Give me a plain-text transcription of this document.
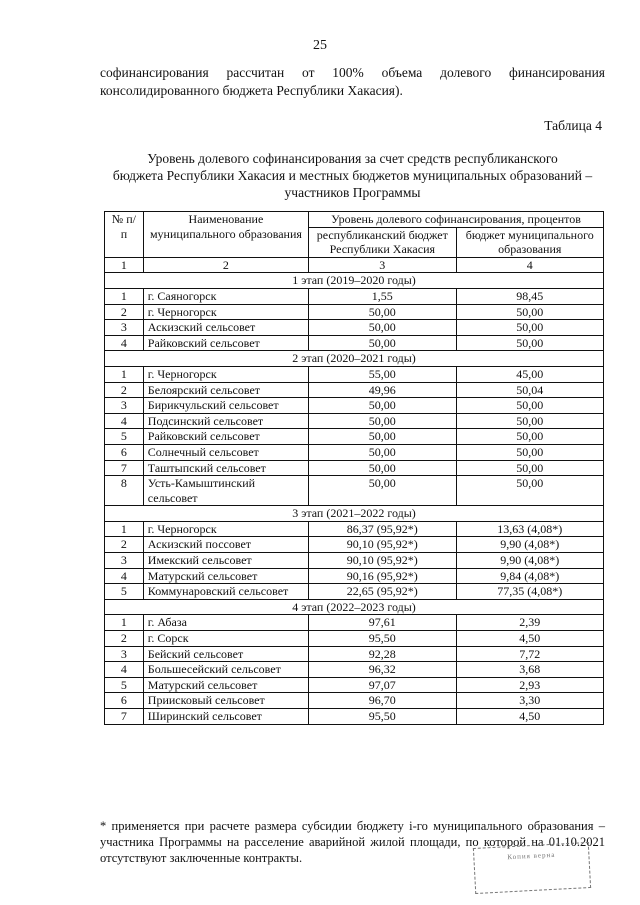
25
софинансирования рассчитан от 100% объема долевого финансирования
консолидированного бюджета Республики Хакасия).
Таблица 4
Уровень долевого софинансирования за счет средств республиканского
бюджета Республики Хакасия и местных бюджетов муниципальных образований –
участников Программы
№ п/п	Наименование муниципального образования	Уровень долевого софинансирования, процентов	
		республиканский бюджет Республики Хакасия	бюджет муниципального образования
1	2	3	4
1 этап (2019–2020 годы)			
1	г. Саяногорск	1,55	98,45
2	г. Черногорск	50,00	50,00
3	Аскизский сельсовет	50,00	50,00
4	Райковский сельсовет	50,00	50,00
2 этап (2020–2021 годы)			
1	г. Черногорск	55,00	45,00
2	Белоярский сельсовет	49,96	50,04
3	Бирикчульский сельсовет	50,00	50,00
4	Подсинский сельсовет	50,00	50,00
5	Райковский сельсовет	50,00	50,00
6	Солнечный сельсовет	50,00	50,00
7	Таштыпский сельсовет	50,00	50,00
8	Усть-Камыштинский сельсовет	50,00	50,00
3 этап (2021–2022 годы)			
1	г. Черногорск	86,37 (95,92*)	13,63 (4,08*)
2	Аскизский поссовет	90,10 (95,92*)	9,90 (4,08*)
3	Имекский сельсовет	90,10 (95,92*)	9,90 (4,08*)
4	Матурский сельсовет	90,16 (95,92*)	9,84 (4,08*)
5	Коммунаровский сельсовет	22,65 (95,92*)	77,35 (4,08*)
4 этап (2022–2023 годы)			
1	г. Абаза	97,61	2,39
2	г. Сорск	95,50	4,50
3	Бейский сельсовет	92,28	7,72
4	Большесейский сельсовет	96,32	3,68
5	Матурский сельсовет	97,07	2,93
6	Приисковый сельсовет	96,70	3,30
7	Ширинский сельсовет	95,50	4,50
* применяется при расчете размера субсидии бюджету i-го муниципального образования – участника Программы на расселение аварийной жилой площади, по которой на 01.10.2021 отсутствуют заключенные контракты.	Копия верна
